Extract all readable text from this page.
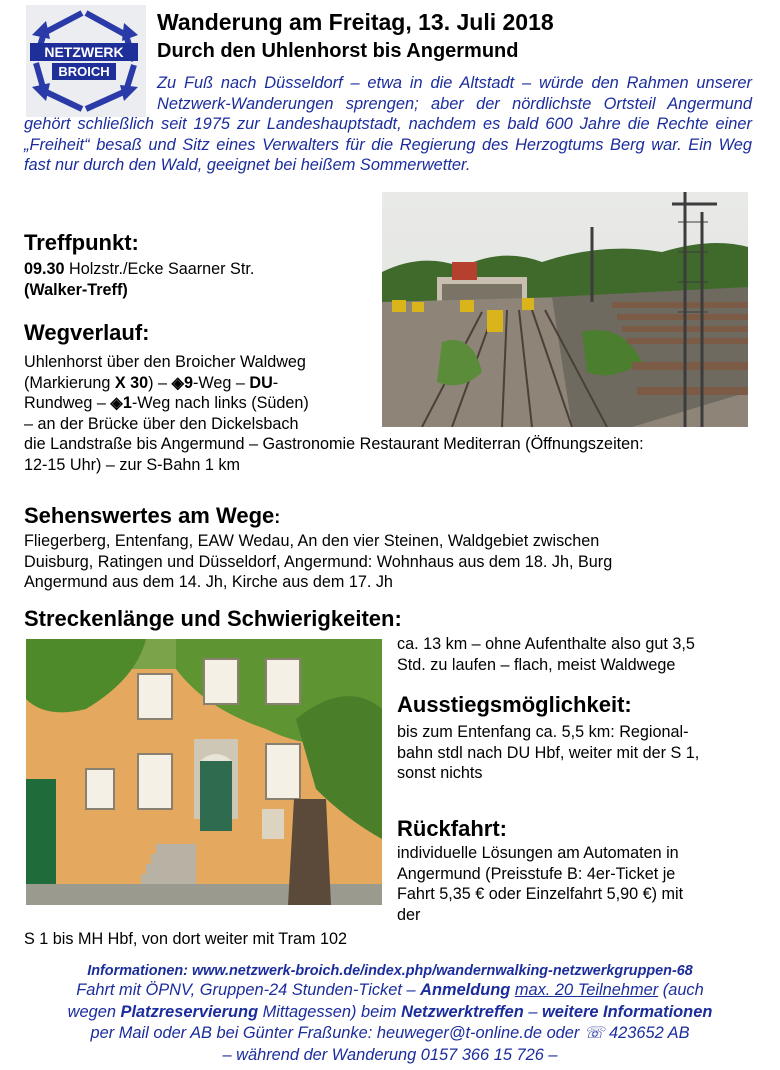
NETZWERK
BROICH
Wanderung am Freitag, 13. Juli 2018
Durch den Uhlenhorst bis Angermund
Zu Fuß nach Düsseldorf – etwa in die Altstadt – würde den Rahmen unserer Netzwerk-Wanderungen sprengen; aber der nördlichste Ortsteil Angermund gehört schließlich seit 1975 zur Landeshauptstadt, nachdem es bald 600 Jahre die Rechte einer „Freiheit“ besaß und Sitz eines Verwalters für die Regierung des Herzogtums Berg war. Ein Weg fast nur durch den Wald, geeignet bei heißem Sommerwetter.
Treffpunkt:
09.30 Holzstr./Ecke Saarner Str.
(Walker-Treff)
Wegverlauf:
Uhlenhorst über den Broicher Waldweg
(Markierung X 30) – ◈9-Weg – DU-
Rundweg – ◈1-Weg nach links (Süden)
– an der Brücke über den Dickelsbach
die Landstraße bis Angermund – Gastronomie Restaurant Mediterran (Öffnungszeiten:
12-15 Uhr) – zur S-Bahn 1 km
Sehenswertes am Wege:
Fliegerberg, Entenfang, EAW Wedau, An den vier Steinen, Waldgebiet zwischen
Duisburg, Ratingen und Düsseldorf, Angermund: Wohnhaus aus dem 18. Jh, Burg
Angermund aus dem 14. Jh, Kirche aus dem 17. Jh
Streckenlänge und Schwierigkeiten:
ca. 13 km – ohne Aufenthalte also gut 3,5
Std. zu laufen – flach, meist Waldwege
Ausstiegsmöglichkeit:
bis zum Entenfang ca. 5,5 km: Regional-
bahn stdl nach DU Hbf, weiter mit der S 1,
sonst nichts
Rückfahrt:
individuelle Lösungen am Automaten in
Angermund (Preisstufe B: 4er-Ticket je
Fahrt 5,35 € oder Einzelfahrt 5,90 €) mit
der
S 1 bis MH Hbf, von dort weiter mit Tram 102
Informationen: www.netzwerk-broich.de/index.php/wandernwalking-netzwerkgruppen-68
Fahrt mit ÖPNV, Gruppen-24 Stunden-Ticket – Anmeldung max. 20 Teilnehmer (auch
wegen Platzreservierung Mittagessen) beim Netzwerktreffen – weitere Informationen
per Mail oder AB bei Günter Fraßunke: heuweger@t-online.de oder ☏ 423652 AB
– während der Wanderung 0157 366 15 726 –
